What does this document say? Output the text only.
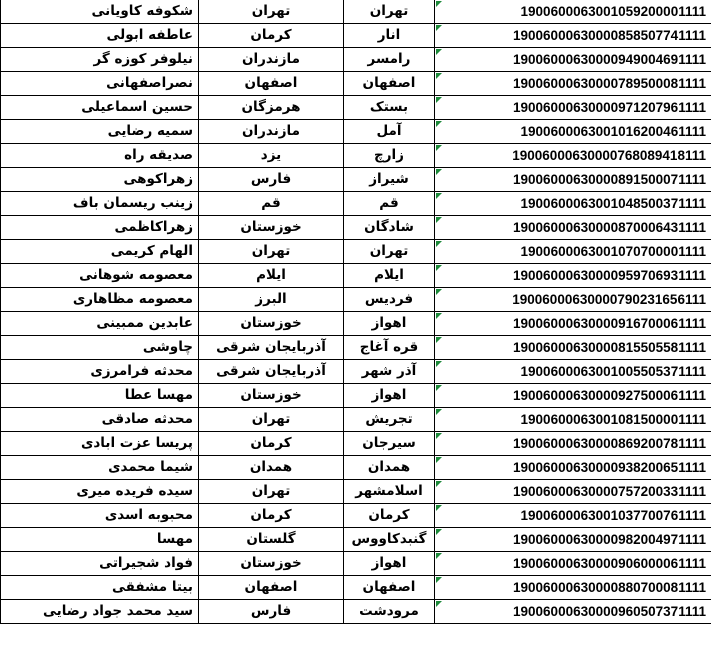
شکوفه کاویانی	تهران	تهران	1900600063001059200001111
عاطفه ابولی	کرمان	انار	19006000630000858507741111
نیلوفر کوزه گر	مازندران	رامسر	19006000630000949004691111
نصراصفهانی	اصفهان	اصفهان	19006000630000789500081111
حسین اسماعیلی	هرمزگان	بستک	19006000630000971207961111
سمیه رضایی	مازندران	آمل	1900600063001016200461111
صدیقه راه	یزد	زارچ	19006000630000768089418111
زهراکوهی	فارس	شیراز	19006000630000891500071111
زینب ریسمان باف	قم	قم	1900600063001048500371111
زهراکاظمی	خوزستان	شادگان	19006000630000870006431111
الهام کریمی	تهران	تهران	1900600063001070700001111
معصومه شوهانی	ایلام	ایلام	19006000630000959706931111
معصومه مظاهاری	البرز	فردیس	19006000630000790231656111
عابدین ممبینی	خوزستان	اهواز	19006000630000916700061111
چاوشی	آذربایجان شرقی	قره آغاج	19006000630000815505581111
محدثه فرامرزی	آذربایجان شرقی	آذر شهر	1900600063001005505371111
مهسا عطا	خوزستان	اهواز	19006000630000927500061111
محدثه صادقی	تهران	تجریش	1900600063001081500001111
پریسا عزت ابادی	کرمان	سیرجان	19006000630000869200781111
شیما محمدی	همدان	همدان	19006000630000938200651111
سیده فریده میری	تهران	اسلامشهر	19006000630000757200331111
محبوبه اسدی	کرمان	کرمان	1900600063001037700761111
مهسا	گلستان	گنبدکاووس	19006000630000982004971111
فواد شجیراتی	خوزستان	اهواز	19006000630000906000061111
بیتا مشفقی	اصفهان	اصفهان	19006000630000880700081111
سید محمد جواد رضایی	فارس	مرودشت	19006000630000960507371111
